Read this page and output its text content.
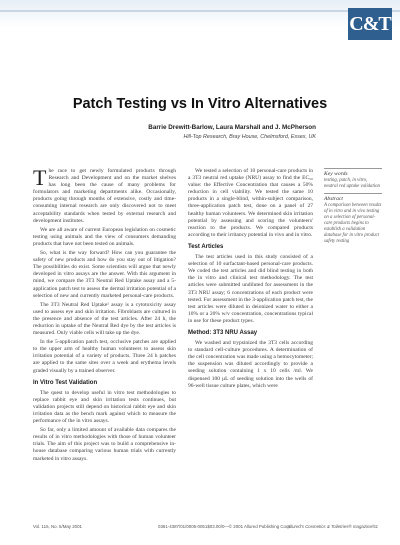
C&T
Patch Testing vs In Vitro Alternatives
Barrie Drewitt-Barlow, Laura Marshall and J. McPherson
Hill-Top Research, Bray House, Chelmsford, Essex, UK

The race to get newly formulated products through Research and Development and on the market shelves has long been the cause of many problems for formulators and marketing departments alike. Occasionally, products going through months of extensive, costly and time-consuming internal research are only discovered not to meet acceptability standards when tested by external research and development institutes.

We are all aware of current European legislation on cosmetic testing using animals and the view of consumers demanding products that have not been tested on animals.

So, what is the way forward? How can you guarantee the safety of new products and how do you stay out of litigation? The possibilities do exist. Some scientists will argue that newly developed in vitro assays are the answer. With this argument in mind, we compare the 3T3 Neutral Red Uptake assay and a 5-application patch test to assess the dermal irritation potential of a selection of new and currently marketed personal-care products.

The 3T3 Neutral Red Uptake¹ assay is a cytotoxicity assay used to assess eye and skin irritation. Fibroblasts are cultured in the presence and absence of the test articles. After 24 h, the reduction in uptake of the Neutral Red dye by the test articles is measured. Only viable cells will take up the dye.

In the 5-application patch test, occlusive patches are applied to the upper arm of healthy human volunteers to assess skin irritation potential of a variety of products. Three 24 h patches are applied to the same sites over a week and erythema levels graded visually by a trained observer.

In Vitro Test Validation

The quest to develop useful in vitro test methodologies to replace rabbit eye and skin irritation tests continues, but validation projects still depend on historical rabbit eye and skin irritation data as the bench mark against which to measure the performance of the in vitro assays.

So far, only a limited amount of available data compares the results of in vitro methodologies with those of human volunteer trials. The aim of this project was to build a comprehensive in-house database comparing various human trials with currently marketed in vitro assays.

We tested a selection of 10 personal-care products in a 3T3 neutral red uptake (NRU) assay to find the EC₅₀ value: the Effective Concentration that causes a 50% reduction in cell viability. We tested the same 10 products in a single-blind, within-subject comparison, three-application patch test, done on a panel of 27 healthy human volunteers. We determined skin irritation potential by assessing and scoring the volunteers' reaction to the products. We compared products according to their irritancy potential in vivo and in vitro.

Test Articles

The test articles used in this study consisted of a selection of 10 surfactant-based personal-care products. We coded the test articles and did blind testing in both the in vitro and clinical test methodology. The test articles were submitted undiluted for assessment in the 3T3 NRU assay; 6 concentrations of each product were tested. For assessment in the 3-application patch test, the test articles were diluted in deionized water to either a 10% or a 20% w/v concentration, concentrations typical in use for these product types.

Method: 3T3 NRU Assay

We washed and trypsinized the 3T3 cells according to standard cell-culture procedures. A determination of the cell concentration was made using a hemocytometer; the suspension was diluted accordingly to provide a seeding solution containing 1 x 10 cells /ml. We dispensed 100 µL of seeding solution into the wells of 96-well tissue culture plates, which were

Key words
testing, patch, in vitro, neutral red uptake validation
Abstract
A comparison between results of in vitro and in vivo testing on a selection of personal-care products begins to establish a validation database for in vitro product safety testing
Vol. 116, No. 5/May 2001	0361-4387/01/0005-0051$03.00/0—© 2001 Allured Publishing Corp.
Allured's Cosmetics & Toiletries® magazine/51
